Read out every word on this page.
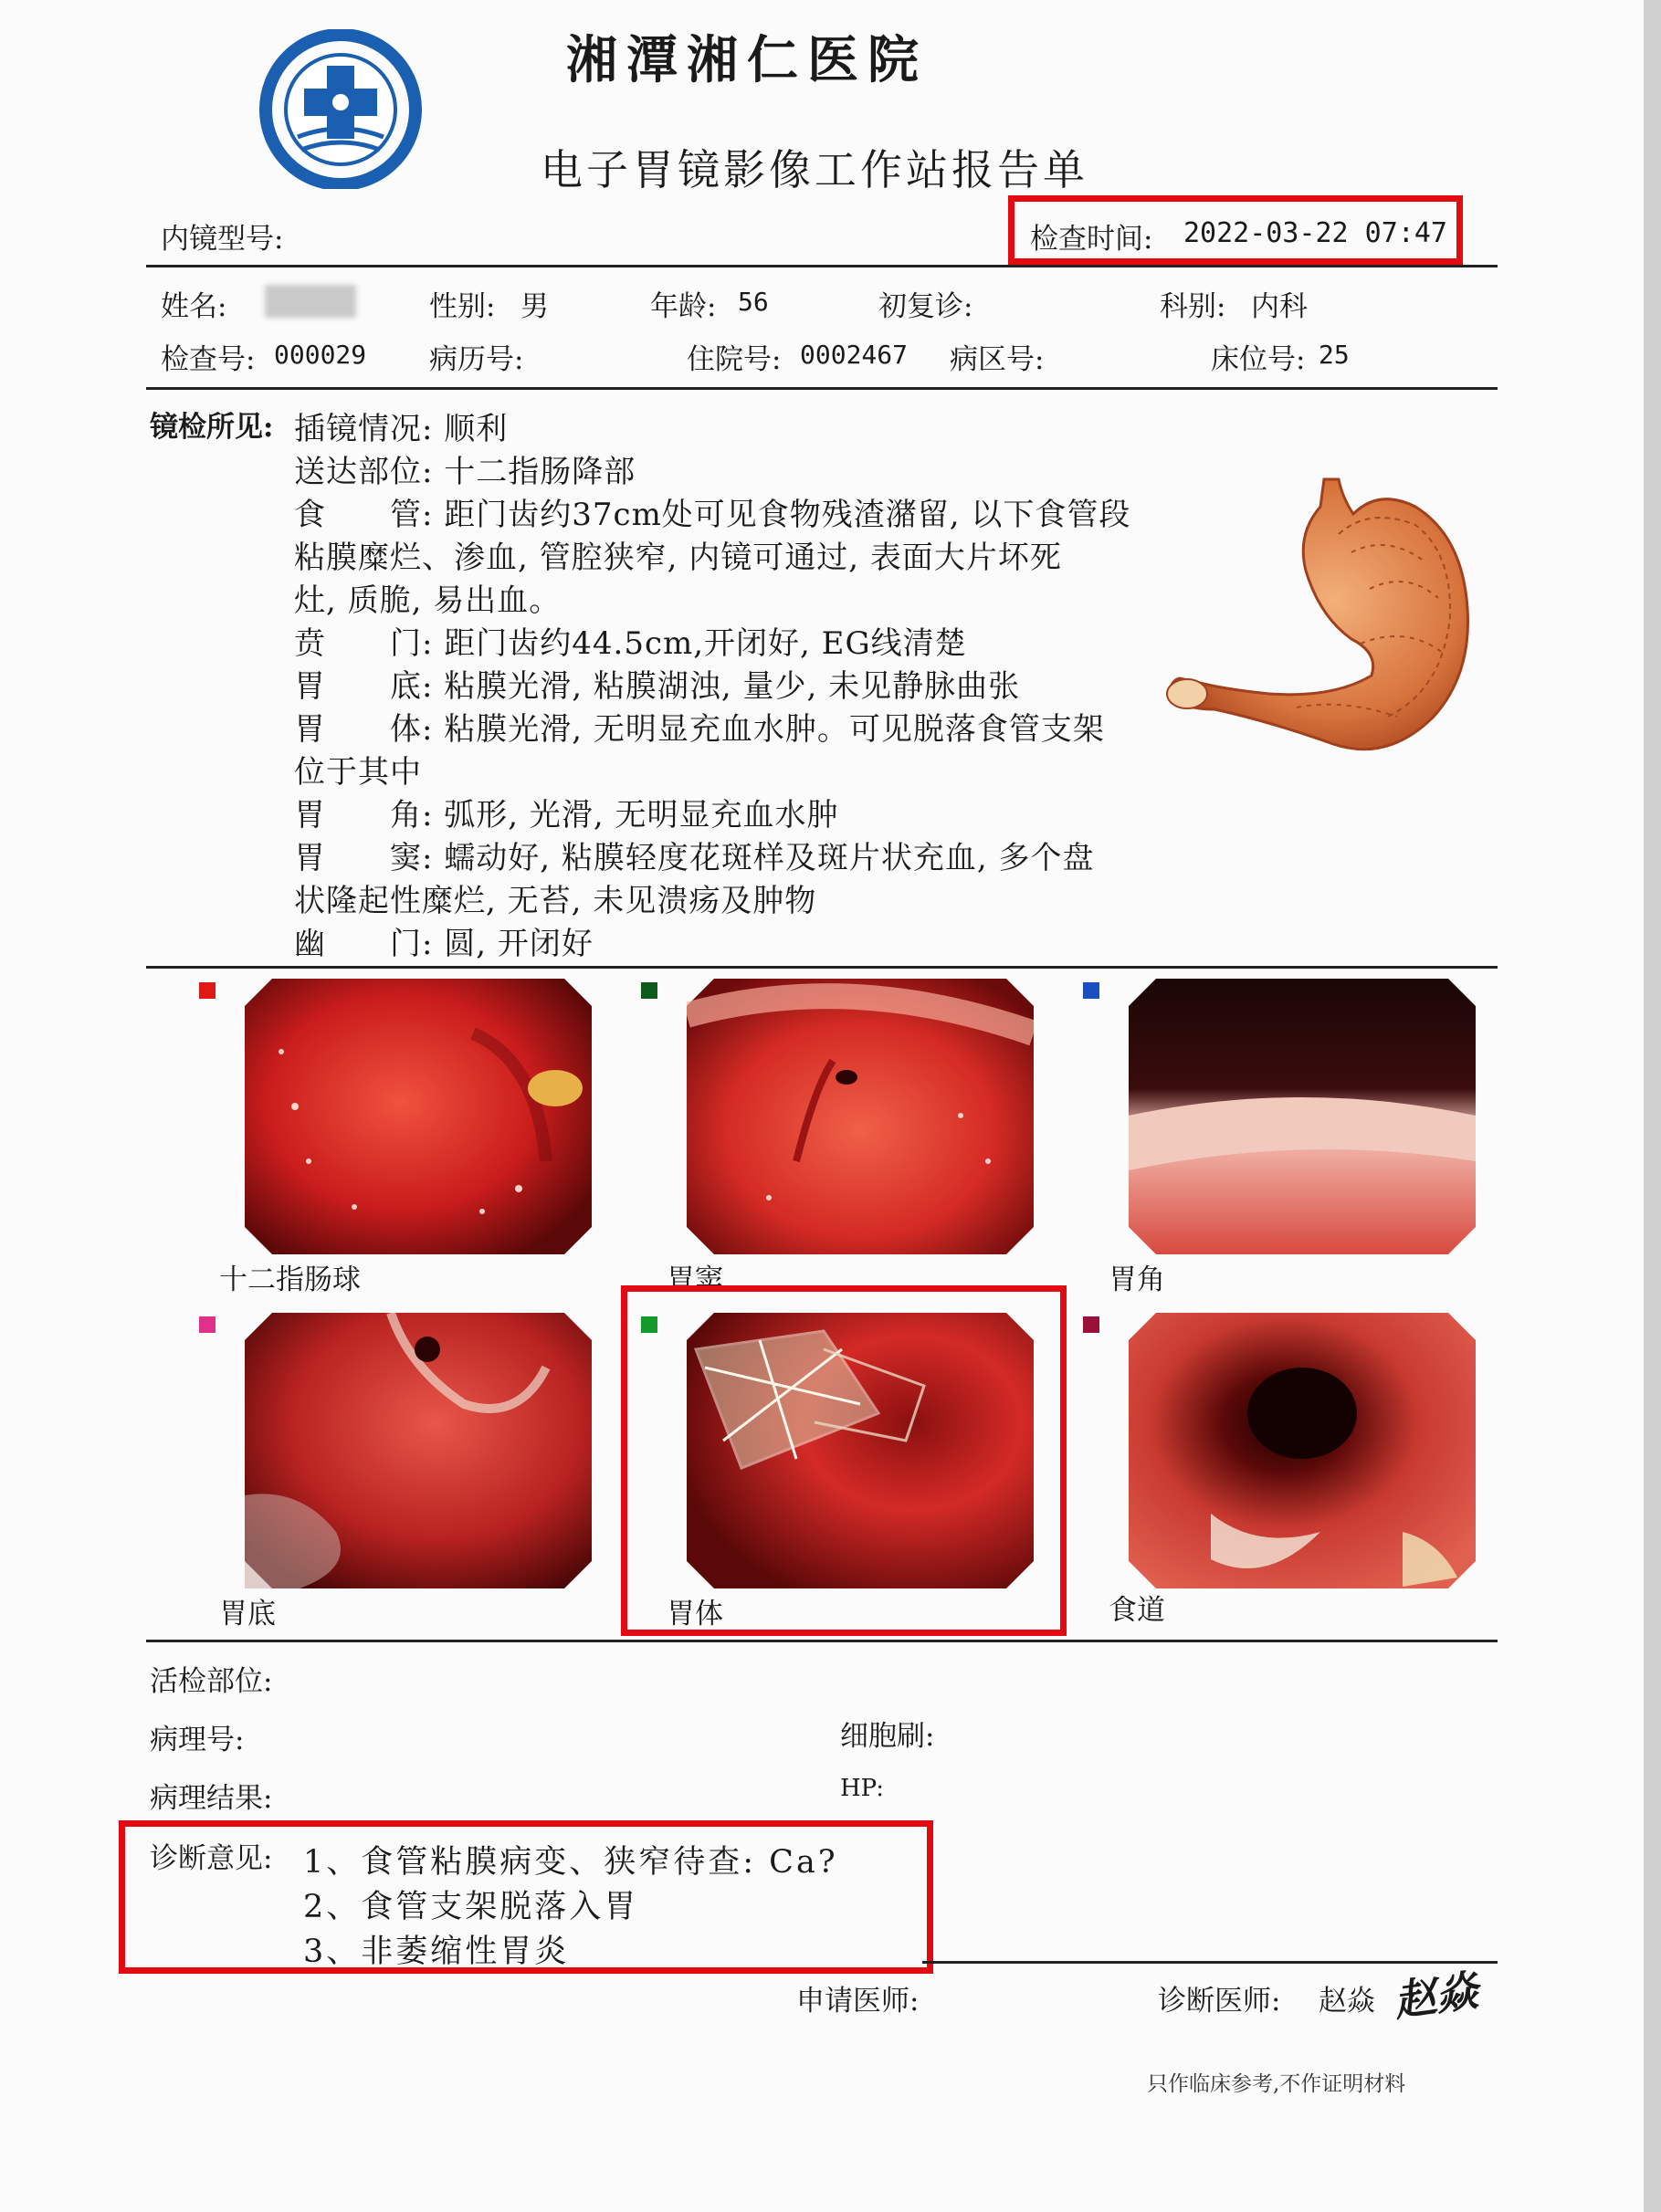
湘潭湘仁医院
电子胃镜影像工作站报告单
内镜型号:	检查时间: 2022-03-22 07:47
姓名:	性别: 男	年龄: 56	初复诊:	科别: 内科
检查号: 000029 病历号:	住院号: 0002467 病区号:	床位号: 25
镜检所见: 插镜情况: 顺利
送达部位: 十二指肠降部
食　　管: 距门齿约37cm处可见食物残渣潴留, 以下食管段
粘膜糜烂、渗血, 管腔狭窄, 内镜可通过, 表面大片坏死
灶, 质脆, 易出血。
贲　　门: 距门齿约44.5cm,开闭好, EG线清楚
胃　　底: 粘膜光滑, 粘膜湖浊, 量少, 未见静脉曲张
胃　　体: 粘膜光滑, 无明显充血水肿。可见脱落食管支架
位于其中
胃　　角: 弧形, 光滑, 无明显充血水肿
胃　　窦: 蠕动好, 粘膜轻度花斑样及斑片状充血, 多个盘
状隆起性糜烂, 无苔, 未见溃疡及肿物
幽　　门: 圆, 开闭好
十二指肠球	胃窦	胃角
胃底	胃体	食道
活检部位:
病理号:	细胞刷:
病理结果:	HP:
诊断意见: 1、食管粘膜病变、狭窄待查: Ca?
2、食管支架脱落入胃
3、非萎缩性胃炎
申请医师:	诊断医师: 赵焱 赵焱
只作临床参考,不作证明材料
